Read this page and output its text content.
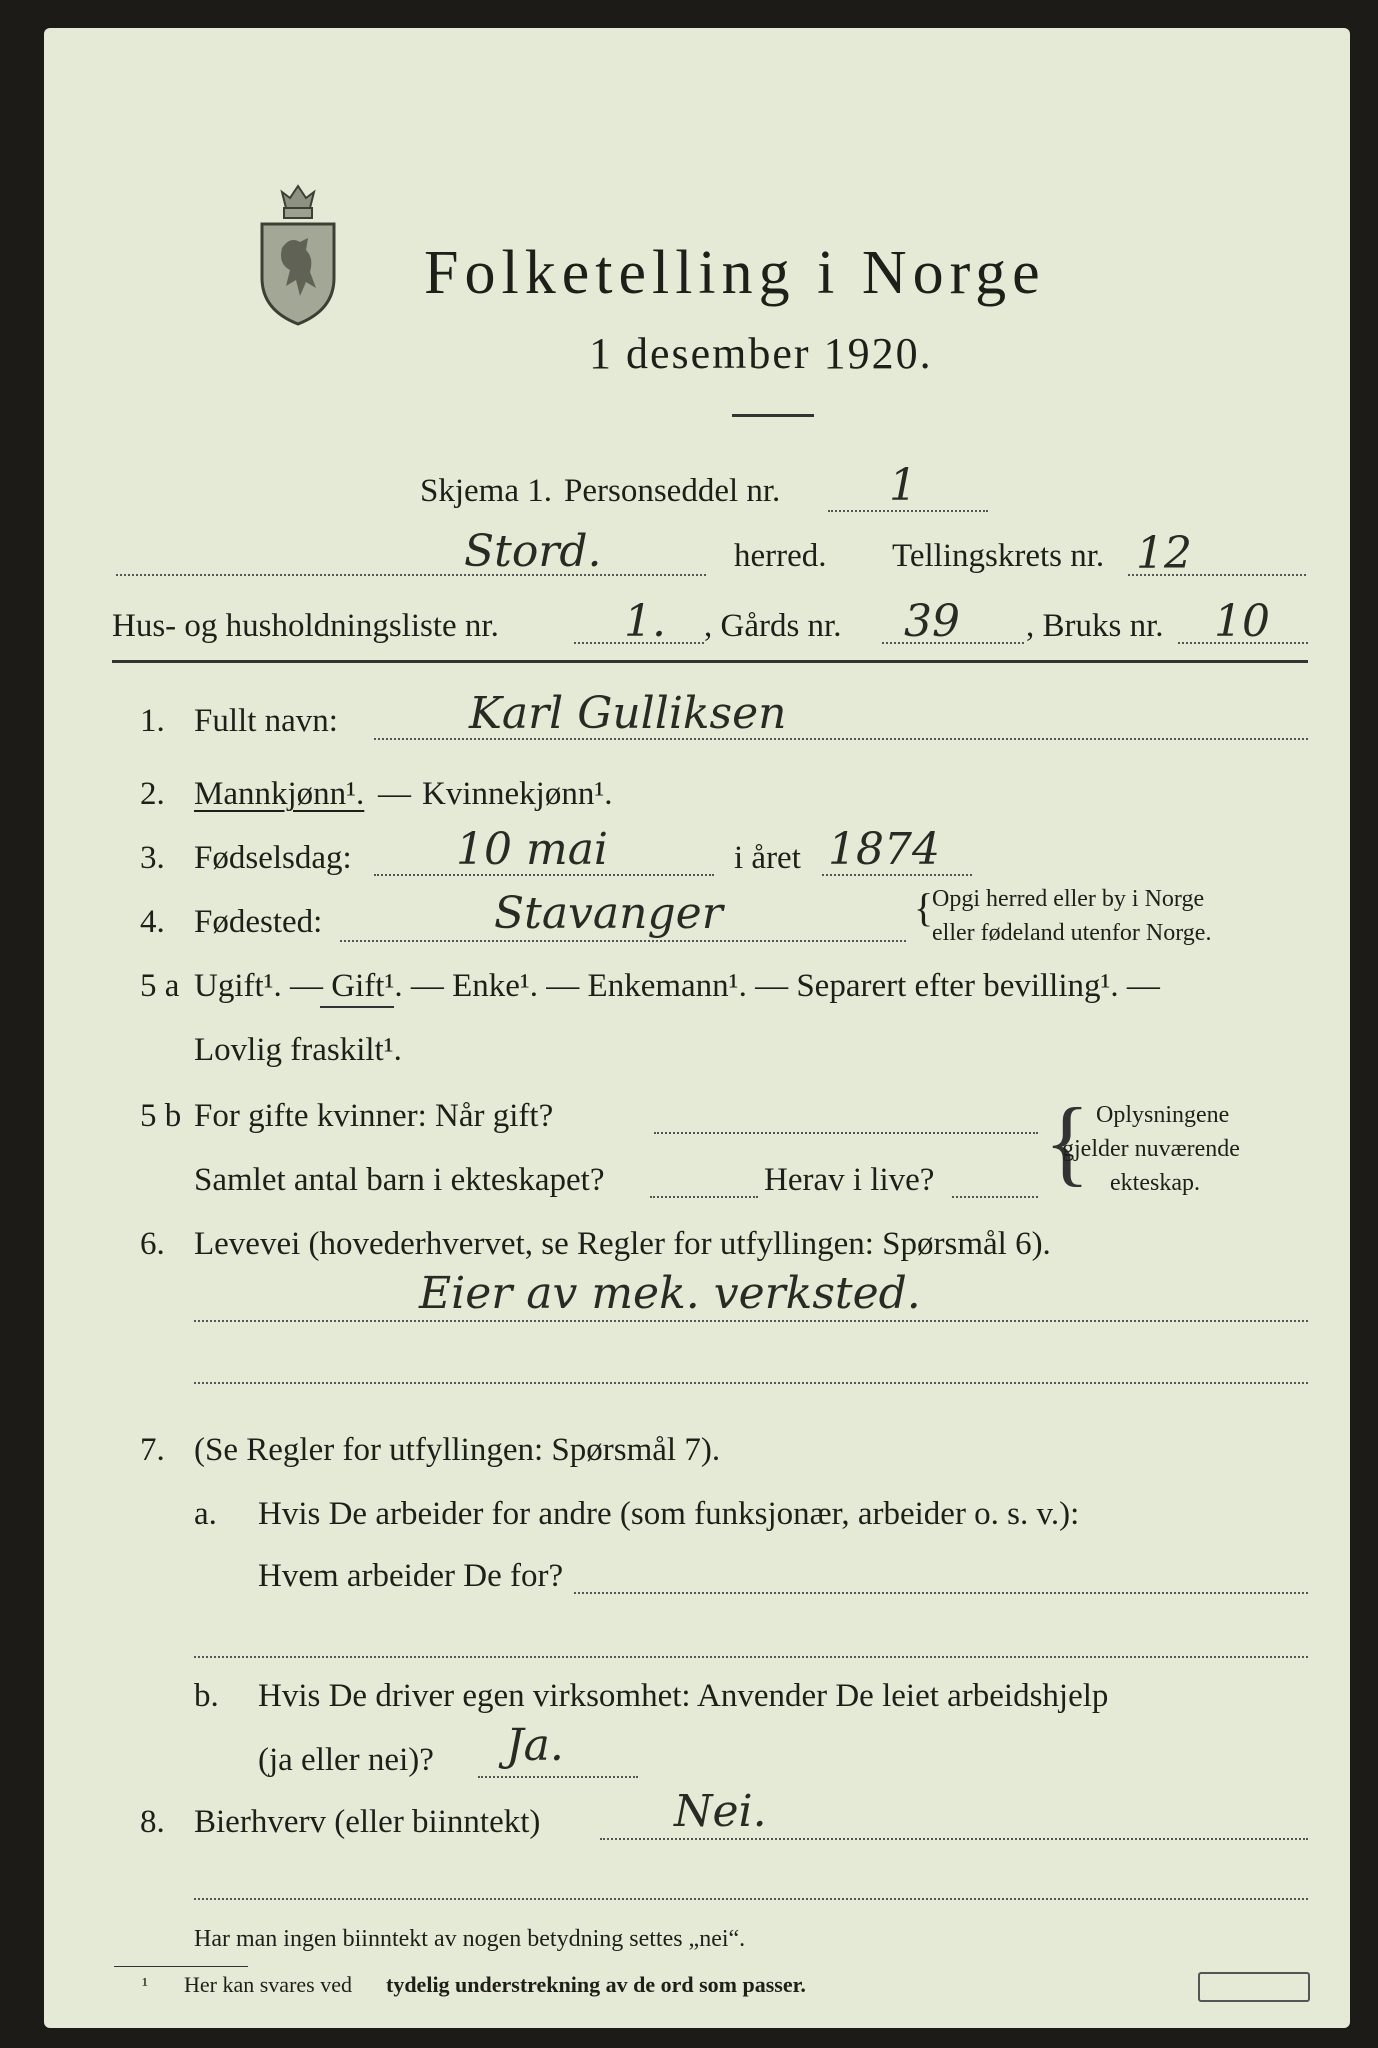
Folketelling i Norge
1 desember 1920.
Skjema 1. Personseddel nr. 1
Stord.	herred. Tellingskrets nr. 12
Hus- og husholdningsliste nr.	1. , Gårds nr. 39 , Bruks nr. 10
1. Fullt navn:	Karl Gulliksen
2. Mannkjønn¹. — Kvinnekjønn¹.
3. Fødselsdag: 10 mai	i året 1874
4. Fødested:	Stavanger	{
Opgi herred eller by i Norge
eller fødeland utenfor Norge.
5 a Ugift¹. — Gift¹. — Enke¹. — Enkemann¹. — Separert efter bevilling¹. —
Lovlig fraskilt¹.
5 b For gifte kvinner: Når gift?
Samlet antal barn i ekteskapet?	Herav i live? { Oplysningene
gjelder nuværende
ekteskap.
6. Levevei (hovederhvervet, se Regler for utfyllingen: Spørsmål 6).
Eier av mek. verksted.
7. (Se Regler for utfyllingen: Spørsmål 7).
a. Hvis De arbeider for andre (som funksjonær, arbeider o. s. v.):
Hvem arbeider De for?
b. Hvis De driver egen virksomhet: Anvender De leiet arbeidshjelp
(ja eller nei)? Ja.
8. Bierhverv (eller biinntekt)	Nei.
Har man ingen biinntekt av nogen betydning settes „nei“.
¹ Her kan svares ved tydelig understrekning av de ord som passer.
